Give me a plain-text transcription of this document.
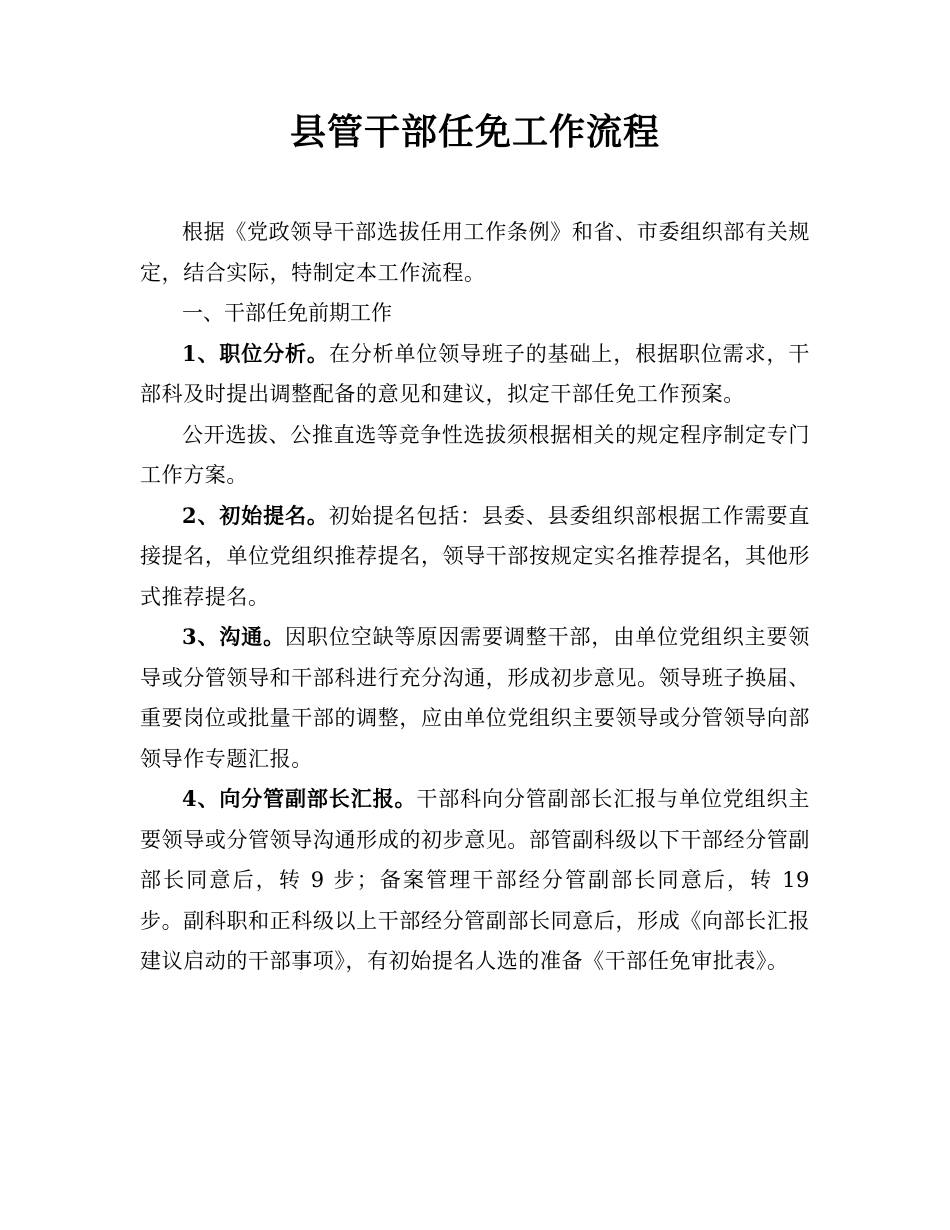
县管干部任免工作流程

根据《党政领导干部选拔任用工作条例》和省、市委组织部有关规定，结合实际，特制定本工作流程。

一、干部任免前期工作

1、职位分析。在分析单位领导班子的基础上，根据职位需求，干部科及时提出调整配备的意见和建议，拟定干部任免工作预案。

公开选拔、公推直选等竞争性选拔须根据相关的规定程序制定专门工作方案。

2、初始提名。初始提名包括：县委、县委组织部根据工作需要直接提名，单位党组织推荐提名，领导干部按规定实名推荐提名，其他形式推荐提名。

3、沟通。因职位空缺等原因需要调整干部，由单位党组织主要领导或分管领导和干部科进行充分沟通，形成初步意见。领导班子换届、重要岗位或批量干部的调整，应由单位党组织主要领导或分管领导向部领导作专题汇报。

4、向分管副部长汇报。干部科向分管副部长汇报与单位党组织主要领导或分管领导沟通形成的初步意见。部管副科级以下干部经分管副部长同意后，转 9 步；备案管理干部经分管副部长同意后，转 19 步。副科职和正科级以上干部经分管副部长同意后，形成《向部长汇报建议启动的干部事项》，有初始提名人选的准备《干部任免审批表》。
